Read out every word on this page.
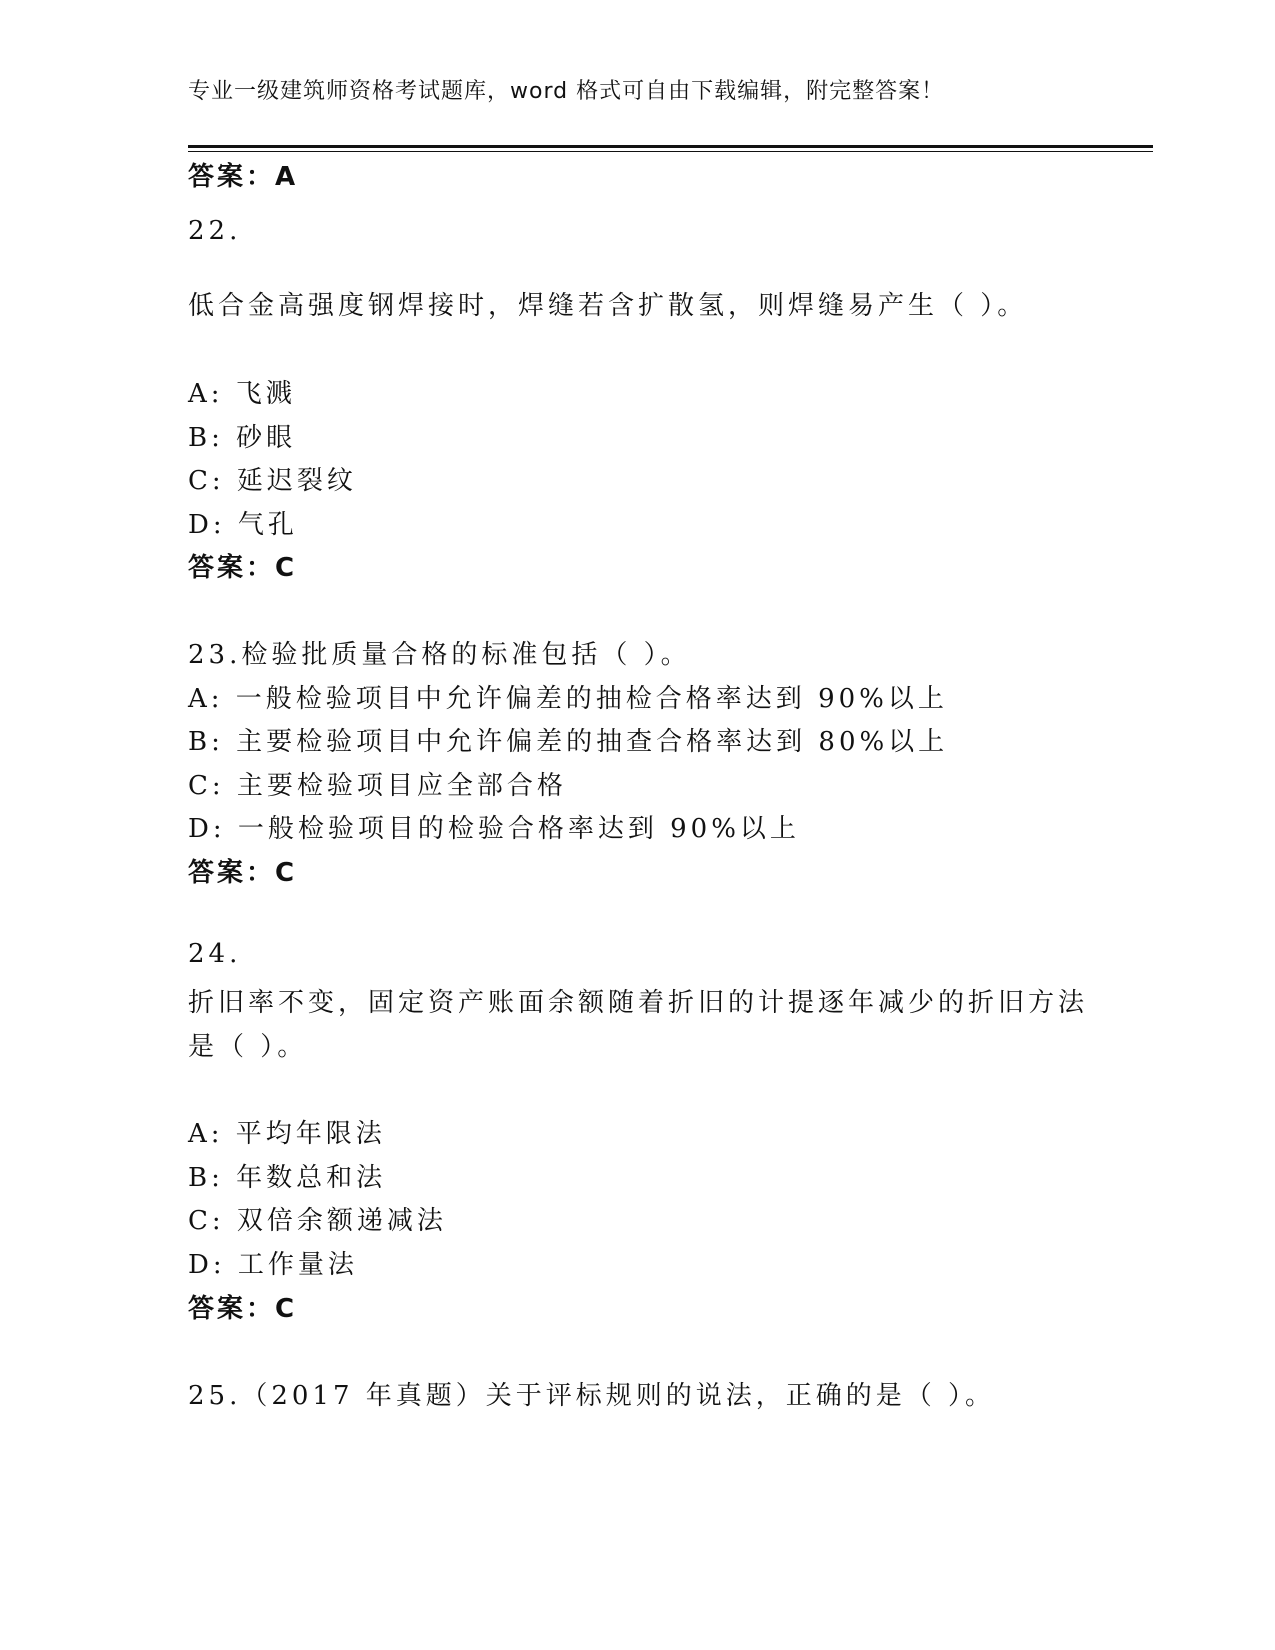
专业一级建筑师资格考试题库，word 格式可自由下载编辑，附完整答案！
答案：A
22.
低合金高强度钢焊接时，焊缝若含扩散氢，则焊缝易产生（ ）。
A: 飞溅
B: 砂眼
C: 延迟裂纹
D: 气孔
答案：C
23.检验批质量合格的标准包括（ ）。
A: 一般检验项目中允许偏差的抽检合格率达到 90%以上
B: 主要检验项目中允许偏差的抽查合格率达到 80%以上
C: 主要检验项目应全部合格
D: 一般检验项目的检验合格率达到 90%以上
答案：C
24.
折旧率不变，固定资产账面余额随着折旧的计提逐年减少的折旧方法
是（ ）。
A: 平均年限法
B: 年数总和法
C: 双倍余额递减法
D: 工作量法
答案：C
25.（2017 年真题）关于评标规则的说法，正确的是（ ）。
